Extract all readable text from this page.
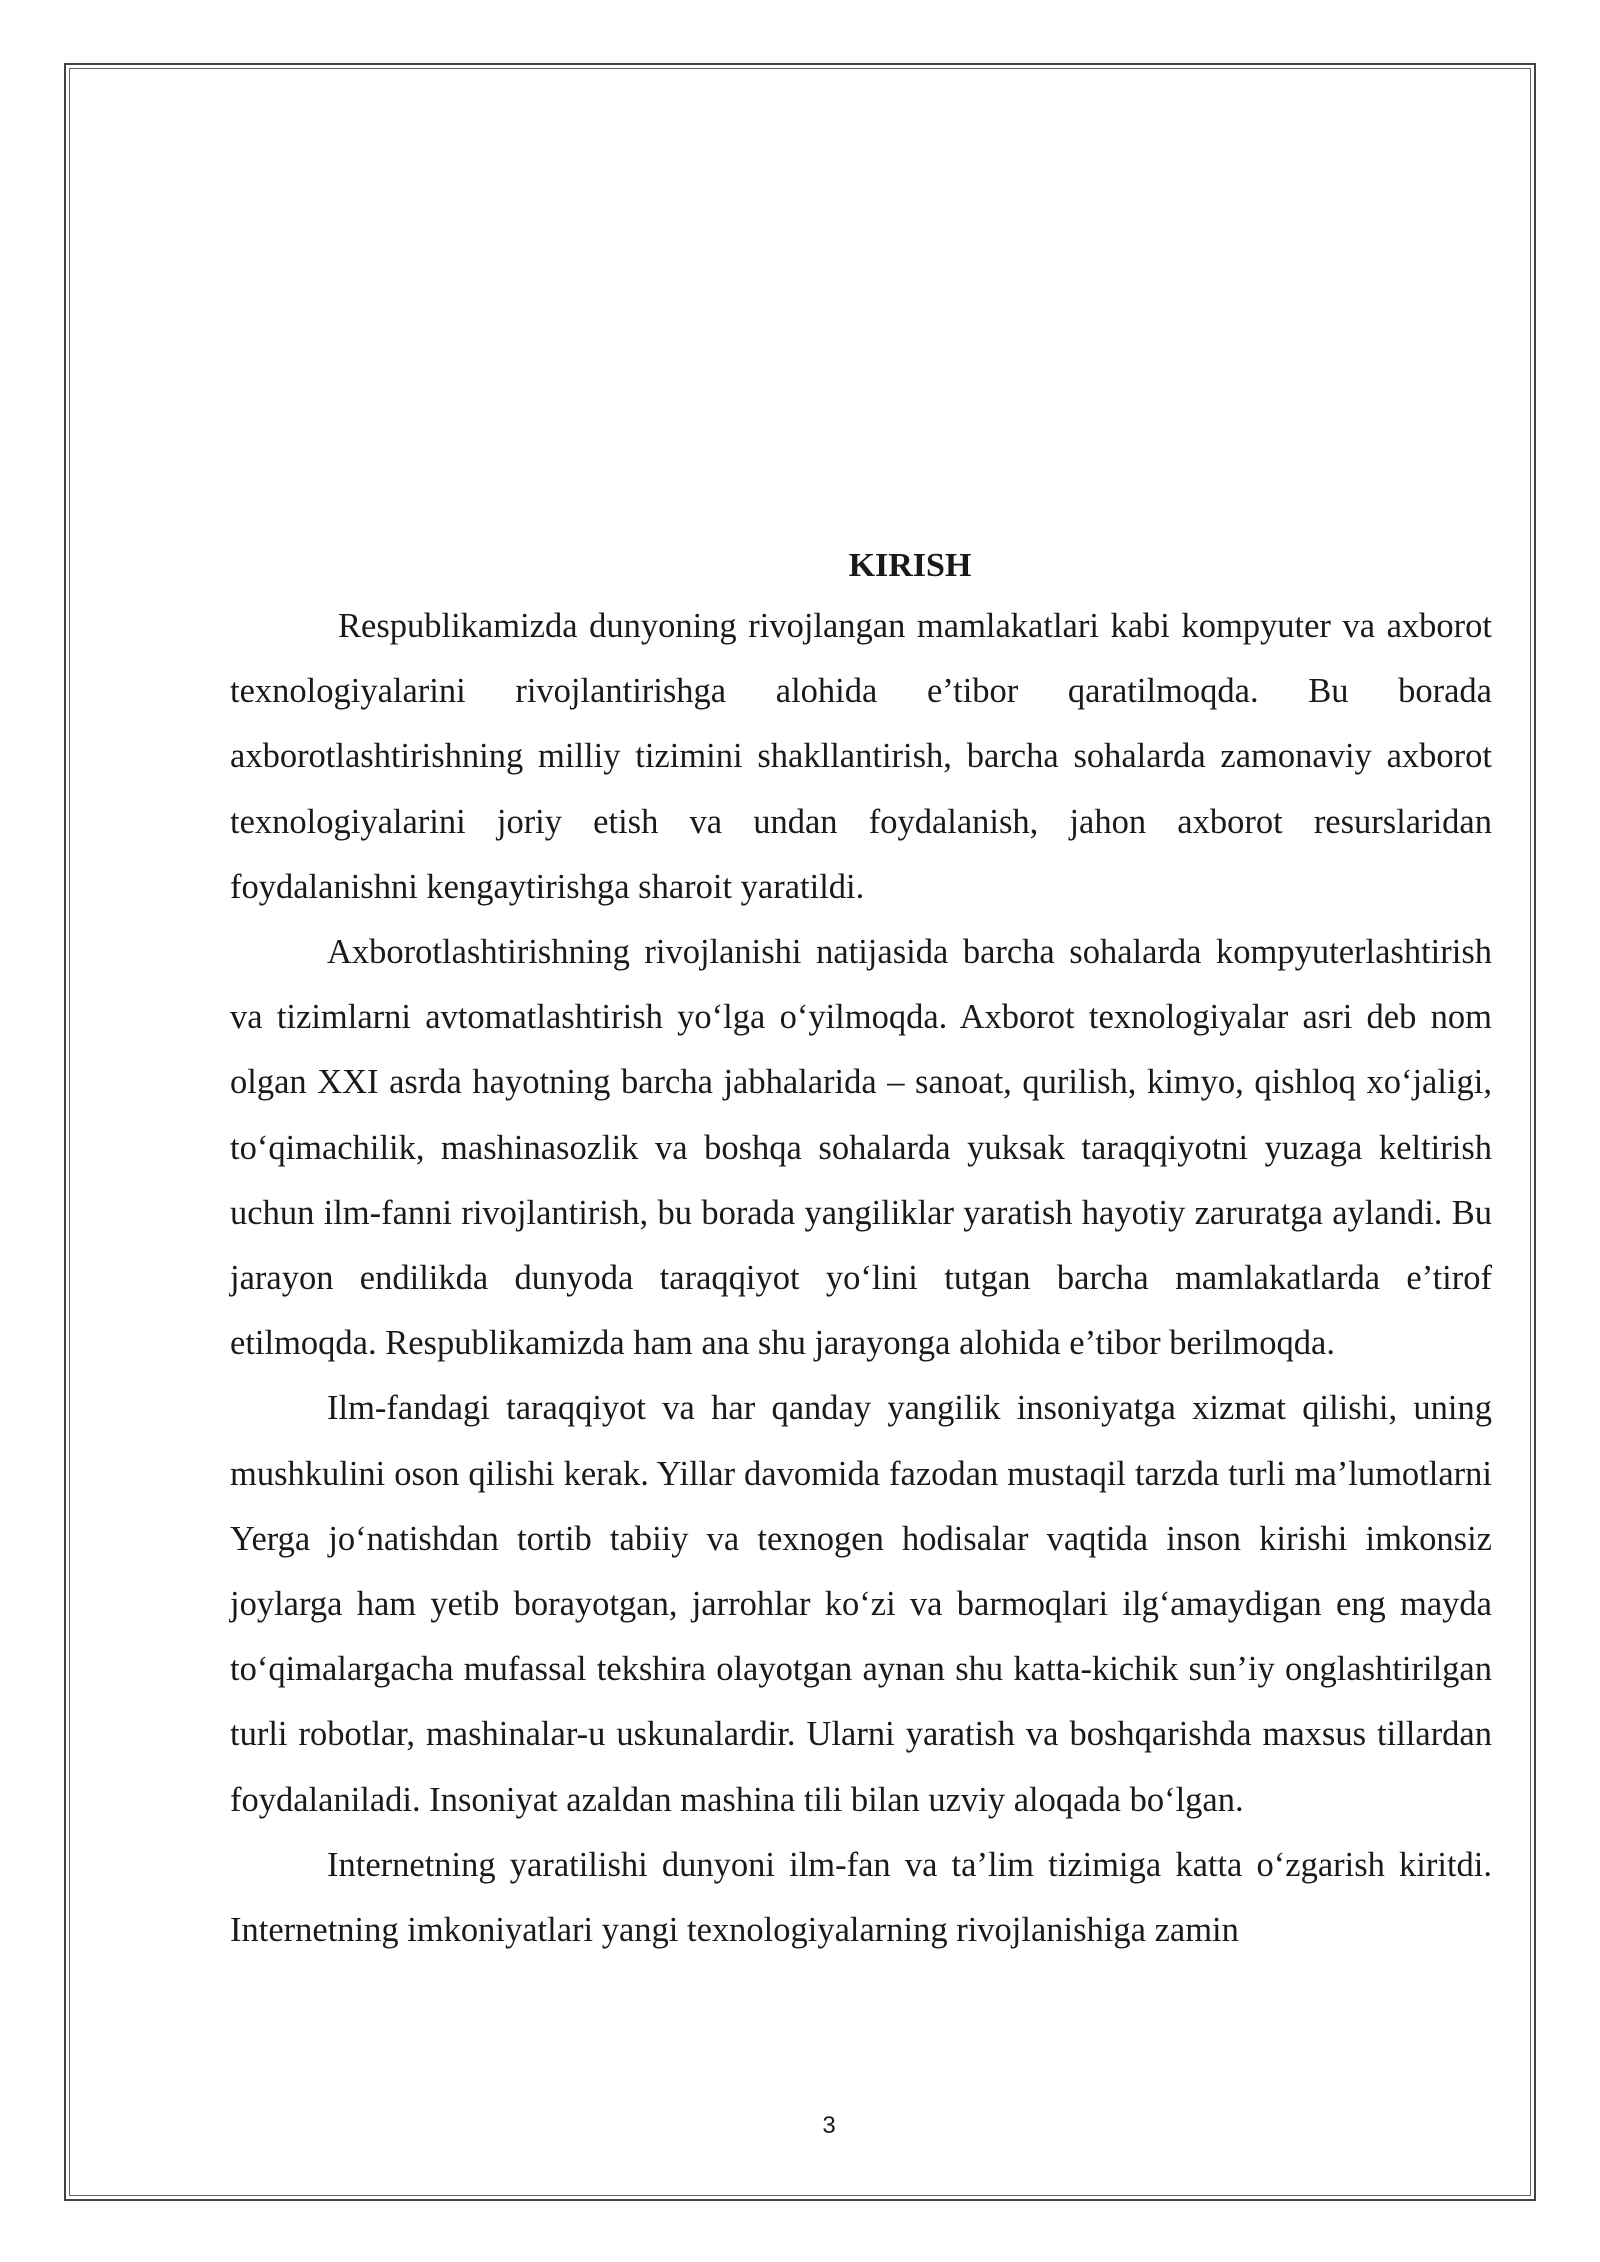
KIRISH

Respublikamizda dunyoning rivojlangan mamlakatlari kabi kompyuter va axborot texnologiyalarini rivojlantirishga alohida e’tibor qaratilmoqda. Bu borada axborotlashtirishning milliy tizimini shakllantirish, barcha sohalarda zamonaviy axborot texnologiyalarini joriy etish va undan foydalanish, jahon axborot resurslaridan foydalanishni kengaytirishga sharoit yaratildi.

Axborotlashtirishning rivojlanishi natijasida barcha sohalarda kompyuterlashtirish va tizimlarni avtomatlashtirish yo‘lga o‘yilmoqda. Axborot texnologiyalar asri deb nom olgan XXI asrda hayotning barcha jabhalarida – sanoat, qurilish, kimyo, qishloq xo‘jaligi, to‘qimachilik, mashinasozlik va boshqa sohalarda yuksak taraqqiyotni yuzaga keltirish uchun ilm-fanni rivojlantirish, bu borada yangiliklar yaratish hayotiy zaruratga aylandi. Bu jarayon endilikda dunyoda taraqqiyot yo‘lini tutgan barcha mamlakatlarda e’tirof etilmoqda. Respublikamizda ham ana shu jarayonga alohida e’tibor berilmoqda.

Ilm-fandagi taraqqiyot va har qanday yangilik insoniyatga xizmat qilishi, uning mushkulini oson qilishi kerak. Yillar davomida fazodan mustaqil tarzda turli ma’lumotlarni Yerga jo‘natishdan tortib tabiiy va texnogen hodisalar vaqtida inson kirishi imkonsiz joylarga ham yetib borayotgan, jarrohlar ko‘zi va barmoqlari ilg‘amaydigan eng mayda to‘qimalargacha mufassal tekshira olayotgan aynan shu katta-kichik sun’iy onglashtirilgan turli robotlar, mashinalar-u uskunalardir. Ularni yaratish va boshqarishda maxsus tillardan foydalaniladi. Insoniyat azaldan mashina tili bilan uzviy aloqada bo‘lgan.

Internetning yaratilishi dunyoni ilm-fan va ta’lim tizimiga katta o‘zgarish kiritdi. Internetning imkoniyatlari yangi texnologiyalarning rivojlanishiga zamin

3
